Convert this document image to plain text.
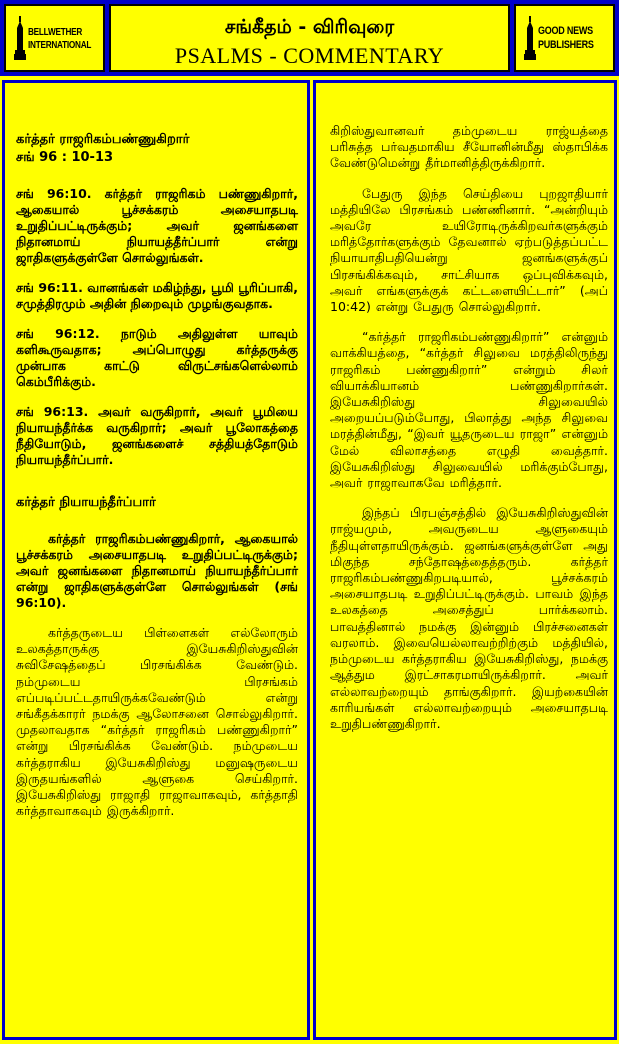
BELLWETHER
INTERNATIONAL
சங்கீதம் - விரிவுரை
PSALMS - COMMENTARY
GOOD NEWS
PUBLISHERS

கர்த்தர் ராஜரிகம்பண்ணுகிறார்

சங் 96 : 10-13

சங் 96:10. கர்த்தர் ராஜரிகம் பண்ணுகிறார், ஆகையால் பூச்சக்கரம் அசையாதபடி உறுதிப்பட்டிருக்கும்; அவர் ஜனங்களை நிதானமாய் நியாயத்தீர்ப்பார் என்று ஜாதிகளுக்குள்ளே சொல்லுங்கள்.

சங் 96:11. வானங்கள் மகிழ்ந்து, பூமி பூரிப்பாகி, சமுத்திரமும் அதின் நிறைவும் முழங்குவதாக.

சங் 96:12. நாடும் அதிலுள்ள யாவும் களிகூருவதாக; அப்பொழுது கர்த்தருக்கு முன்பாக காட்டு விருட்சங்களெல்லாம் கெம்பீரிக்கும்.

சங் 96:13. அவர் வருகிறார், அவர் பூமியை நியாயந்தீர்க்க வருகிறார்; அவர் பூலோகத்தை நீதியோடும், ஜனங்களைச் சத்தியத்தோடும் நியாயந்தீர்ப்பார்.

கர்த்தர் நியாயந்தீர்ப்பார்

கர்த்தர் ராஜரிகம்பண்ணுகிறார், ஆகையால் பூச்சக்கரம் அசையாதபடி உறுதிப்பட்டிருக்கும்; அவர் ஜனங்களை நிதானமாய் நியாயந்தீர்ப்பார் என்று ஜாதிகளுக்குள்ளே சொல்லுங்கள் (சங் 96:10).

கர்த்தருடைய பிள்ளைகள் எல்லோரும் உலகத்தாருக்கு இயேசுகிறிஸ்துவின் சுவிசேஷத்தைப் பிரசங்கிக்க வேண்டும். நம்முடைய பிரசங்கம் எப்படிப்பட்டதாயிருக்கவேண்டும் என்று சங்கீதக்காரர் நமக்கு ஆலோசனை சொல்லுகிறார். முதலாவதாக “கர்த்தர் ராஜரிகம் பண்ணுகிறார்” என்று பிரசங்கிக்க வேண்டும். நம்முடைய கர்த்தராகிய இயேசுகிறிஸ்து மனுஷருடைய இருதயங்களில் ஆளுகை செய்கிறார். இயேசுகிறிஸ்து ராஜாதி ராஜாவாகவும், கர்த்தாதி கர்த்தாவாகவும் இருக்கிறார்.

கிறிஸ்துவானவர் தம்முடைய ராஜ்யத்தை பரிசுத்த பர்வதமாகிய சீயோனின்மீது ஸ்தாபிக்க வேண்டுமென்று தீர்மானித்திருக்கிறார்.

பேதுரு இந்த செய்தியை புறஜாதியார் மத்தியிலே பிரசங்கம் பண்ணினார். “அன்றியும் அவரே உயிரோடிருக்கிறவர்களுக்கும் மரித்தோர்களுக்கும் தேவனால் ஏற்படுத்தப்பட்ட நியாயாதிபதியென்று ஜனங்களுக்குப் பிரசங்கிக்கவும், சாட்சியாக ஒப்புவிக்கவும், அவர் எங்களுக்குக் கட்டளையிட்டார்” (அப் 10:42) என்று பேதுரு சொல்லுகிறார்.

“கர்த்தர் ராஜரிகம்பண்ணுகிறார்” என்னும் வாக்கியத்தை, “கர்த்தர் சிலுவை மரத்திலிருந்து ராஜரிகம் பண்ணுகிறார்” என்றும் சிலர் வியாக்கியானம் பண்ணுகிறார்கள். இயேசுகிறிஸ்து சிலுவையில் அறையப்படும்போது, பிலாத்து அந்த சிலுவை மரத்தின்மீது, “இவர் யூதருடைய ராஜா” என்னும் மேல் விலாசத்தை எழுதி வைத்தார். இயேசுகிறிஸ்து சிலுவையில் மரிக்கும்போது, அவர் ராஜாவாகவே மரித்தார்.

இந்தப் பிரபஞ்சத்தில் இயேசுகிறிஸ்துவின் ராஜ்யமும், அவருடைய ஆளுகையும் நீதியுள்ளதாயிருக்கும். ஜனங்களுக்குள்ளே அது மிகுந்த சந்தோஷத்தைத்தரும். கர்த்தர் ராஜரிகம்பண்ணுகிறபடியால், பூச்சக்கரம் அசையாதபடி உறுதிப்பட்டிருக்கும். பாவம் இந்த உலகத்தை அசைத்துப் பார்க்கலாம். பாவத்தினால் நமக்கு இன்னும் பிரச்சனைகள் வரலாம். இவையெல்லாவற்றிற்கும் மத்தியில், நம்முடைய கர்த்தராகிய இயேசுகிறிஸ்து, நமக்கு ஆத்தும இரட்சாகரமாயிருக்கிறார். அவர் எல்லாவற்றையும் தாங்குகிறார். இயற்கையின் காரியங்கள் எல்லாவற்றையும் அசையாதபடி உறுதிபண்ணுகிறார்.
